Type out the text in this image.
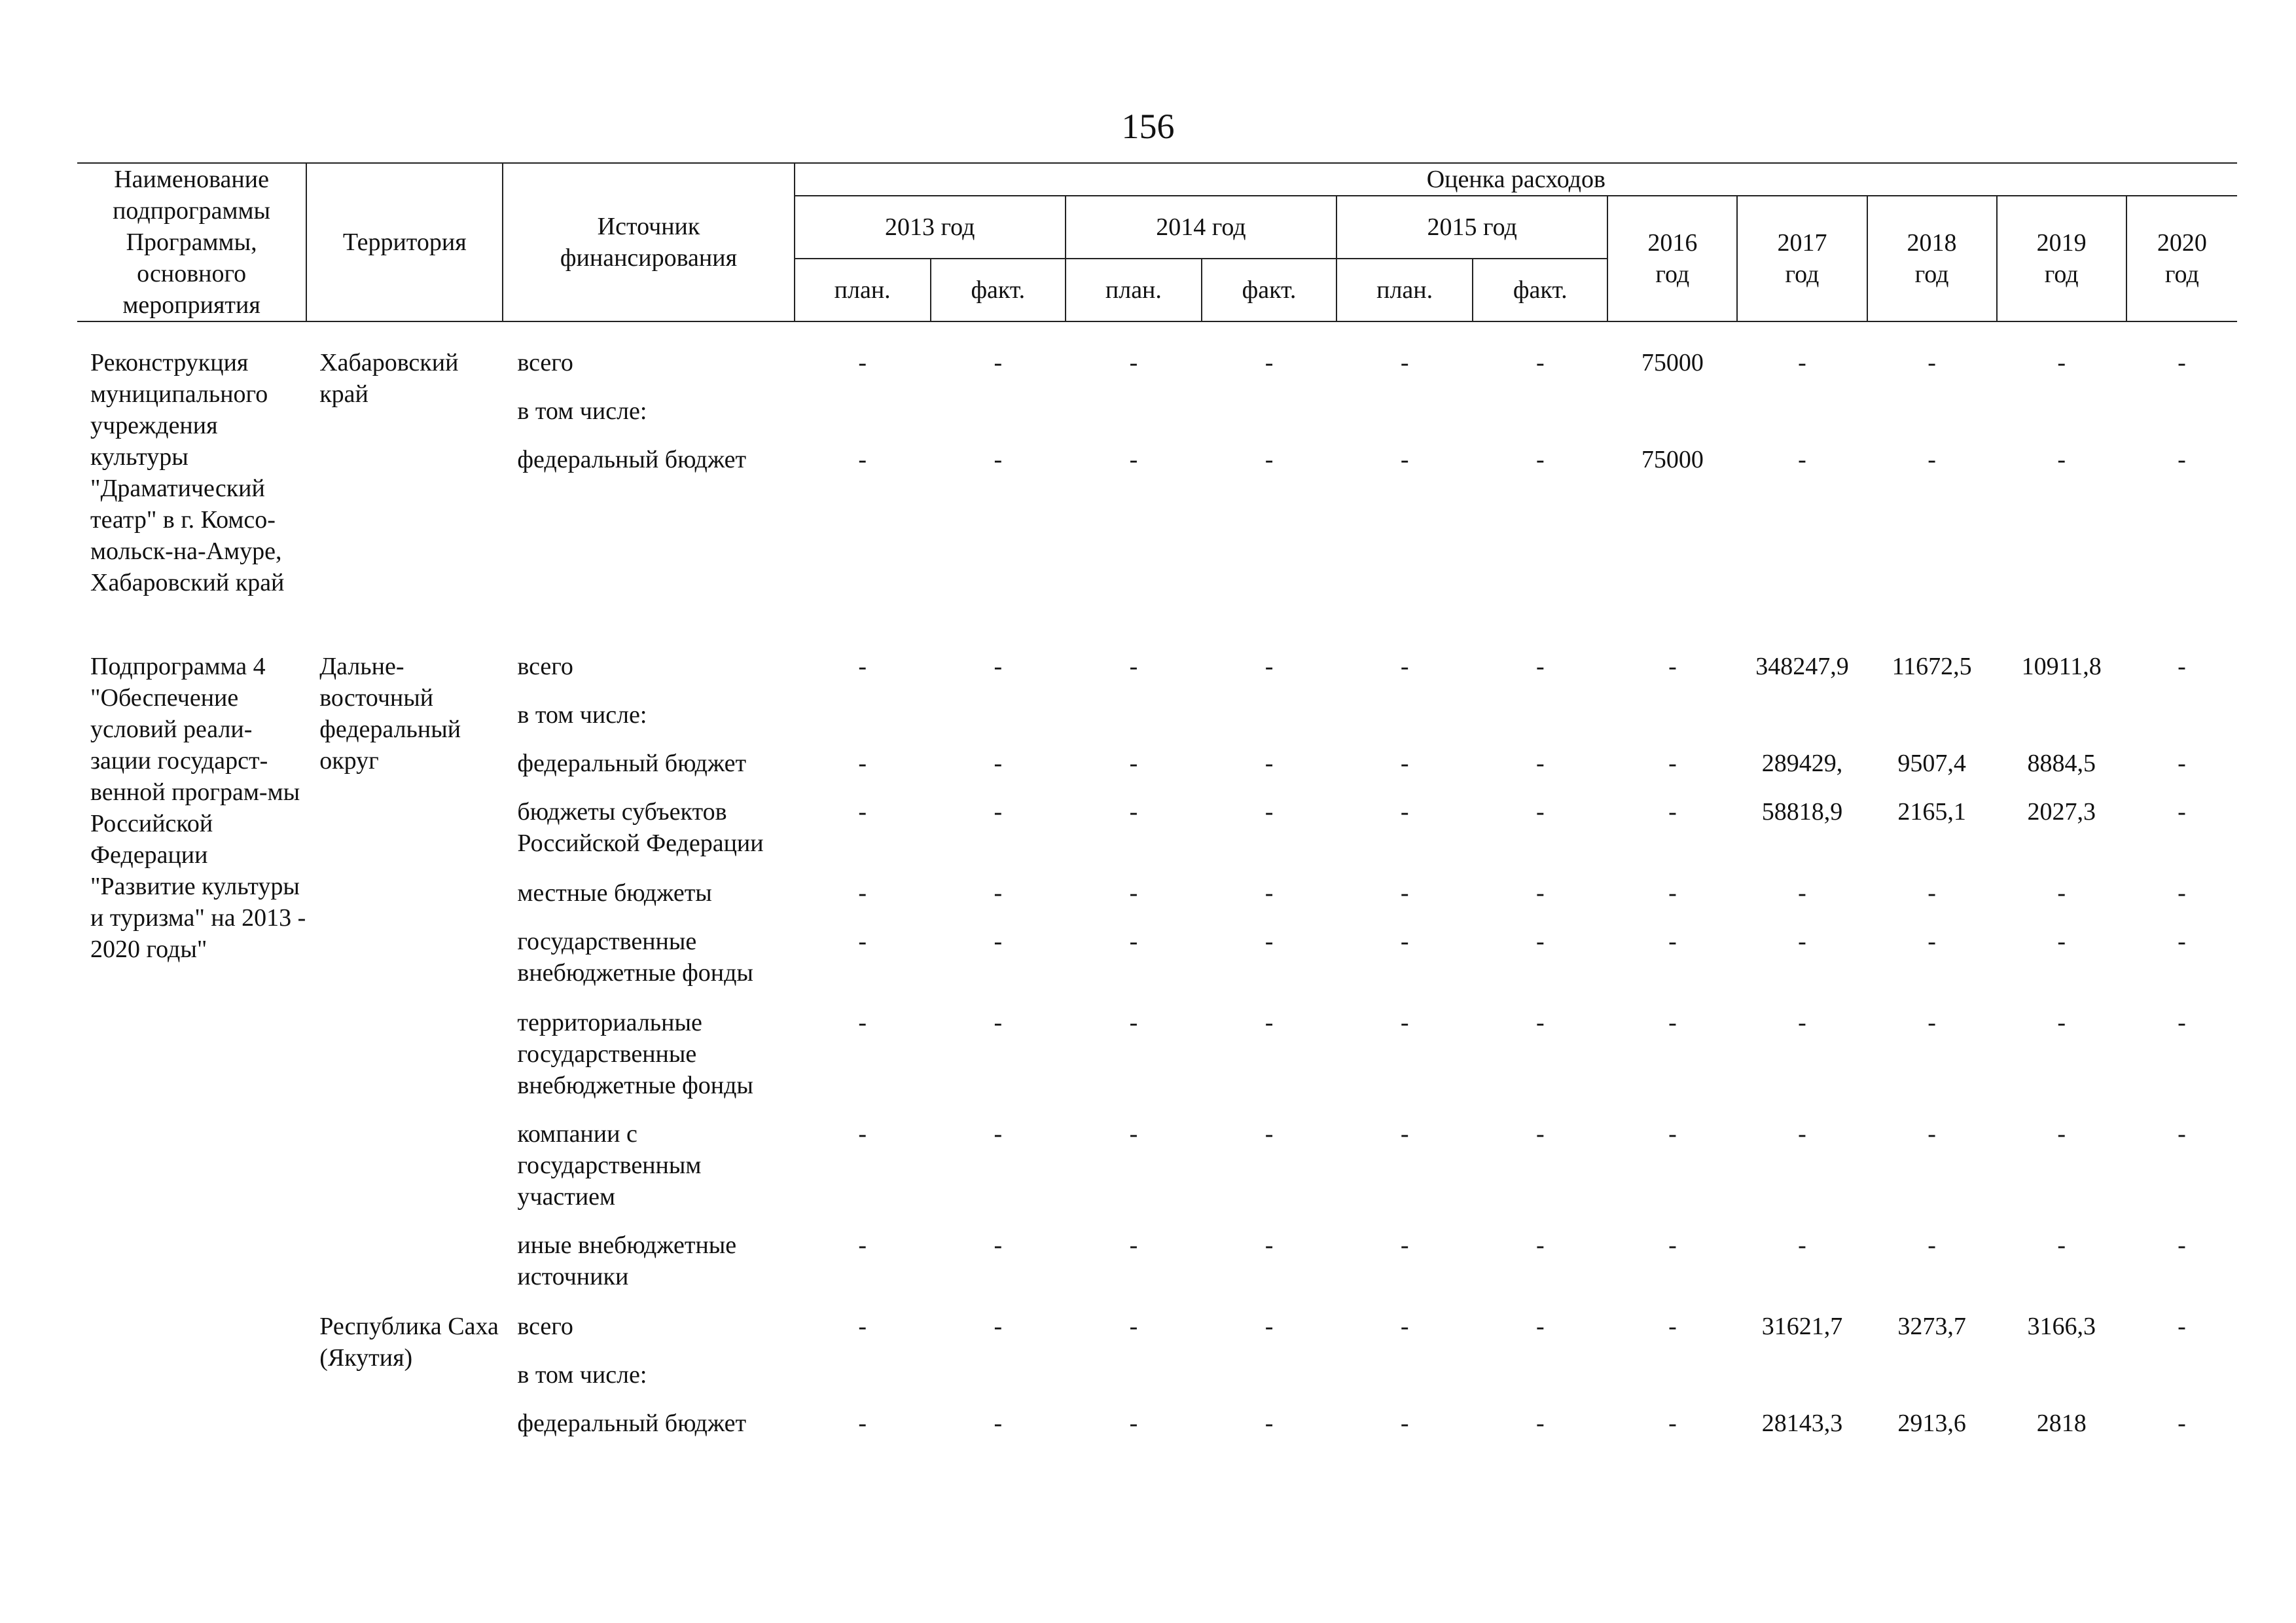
156
Наименование подпрограммы Программы, основного мероприятия	Территория	Источник финансирования	Оценка расходов										
			2013 год		2014 год		2015 год		2016 год	2017 год	2018 год	2019 год	2020 год
			план.	факт.	план.	факт.	план.	факт.					
Реконструкция муниципального учреждения культуры "Драматический театр" в г. Комсо-мольск-на-Амуре, Хабаровский край	Хабаровский край	всего	-	-	-	-	-	-	75000	-	-	-	-
		в том числе:											
		федеральный бюджет	-	-	-	-	-	-	75000	-	-	-	-
Подпрограмма 4 "Обеспечение условий реали-зации государст-венной програм-мы Российской Федерации "Развитие культуры и туризма" на 2013 - 2020 годы"	Дальне-восточный федеральный округ	всего	-	-	-	-	-	-	-	348247,9	11672,5	10911,8	-
		в том числе:											
		федеральный бюджет	-	-	-	-	-	-	-	289429,	9507,4	8884,5	-
		бюджеты субъектов Российской Федерации	-	-	-	-	-	-	-	58818,9	2165,1	2027,3	-
		местные бюджеты	-	-	-	-	-	-	-	-	-	-	-
		государственные внебюджетные фонды	-	-	-	-	-	-	-	-	-	-	-
		территориальные государственные внебюджетные фонды	-	-	-	-	-	-	-	-	-	-	-
		компании с государственным участием	-	-	-	-	-	-	-	-	-	-	-
		иные внебюджетные источники	-	-	-	-	-	-	-	-	-	-	-
	Республика Саха (Якутия)	всего	-	-	-	-	-	-	-	31621,7	3273,7	3166,3	-
		в том числе:											
		федеральный бюджет	-	-	-	-	-	-	-	28143,3	2913,6	2818	-
